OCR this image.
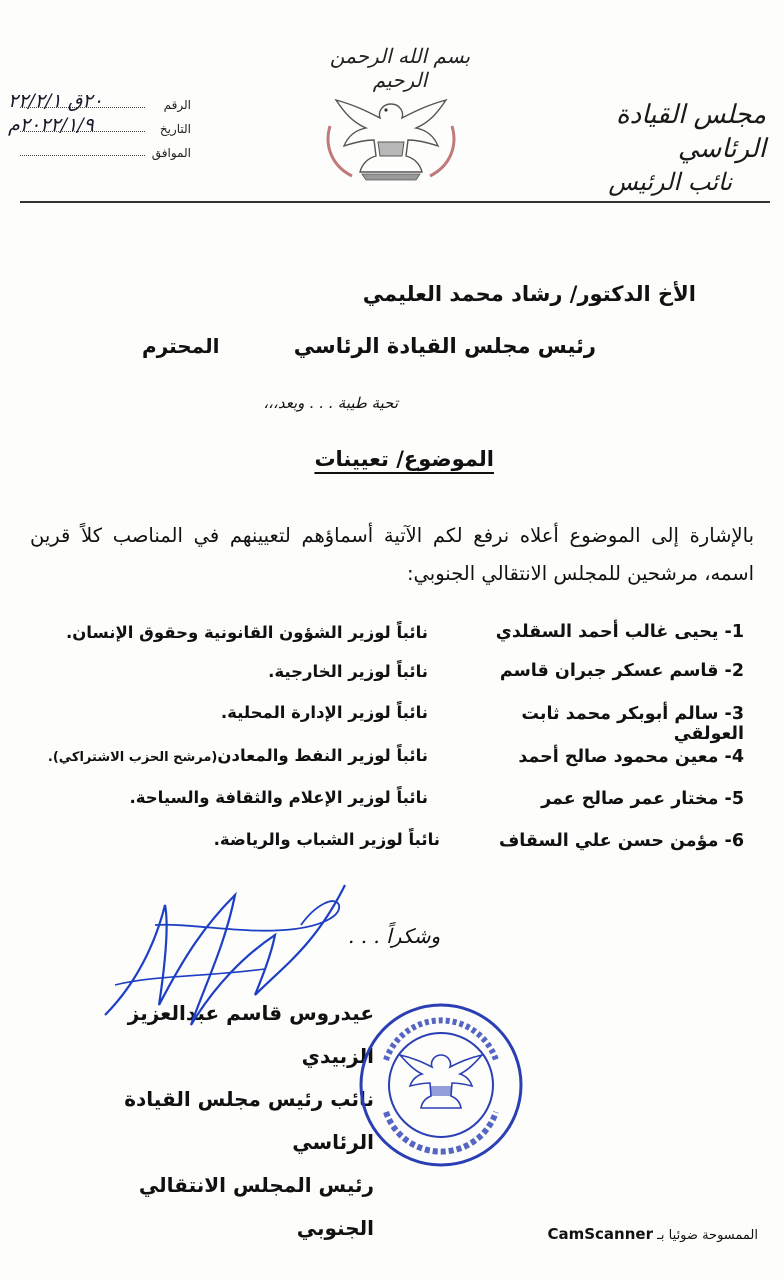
مجلس القيادة الرئاسي
نائب الرئيس
بسم الله الرحمن الرحيم
الرقم
٢٠ق ٢٢/٢/١
التاريخ
٢٠٢٢/١/٩م
الموافق
الأخ الدكتور/ رشاد محمد العليمي
رئيس مجلس القيادة الرئاسي
المحترم
تحية طيبة . . . وبعد،،،
الموضوع/ تعيينات
بالإشارة إلى الموضوع أعلاه نرفع لكم الآتية أسماؤهم لتعيينهم في المناصب كلاً قرين اسمه، مرشحين للمجلس الانتقالي الجنوبي:
1- يحيى غالب أحمد السقلدي
نائباً لوزير الشؤون القانونية وحقوق الإنسان.
2- قاسم عسكر جبران قاسم
نائباً لوزير الخارجية.
3- سالم أبوبكر محمد ثابت العولقي
نائباً لوزير الإدارة المحلية.
4- معين محمود صالح أحمد
نائباً لوزير النفط والمعادن(مرشح الحزب الاشتراكي).
5- مختار عمر صالح عمر
نائباً لوزير الإعلام والثقافة والسياحة.
6- مؤمن حسن علي السقاف
نائباً لوزير الشباب والرياضة.
وشكراً . . .
عيدروس قاسم عبدالعزيز الزبيدي
نائب رئيس مجلس القيادة الرئاسي
رئيس المجلس الانتقالي الجنوبي	الممسوحة ضوئيا بـ CamScanner
